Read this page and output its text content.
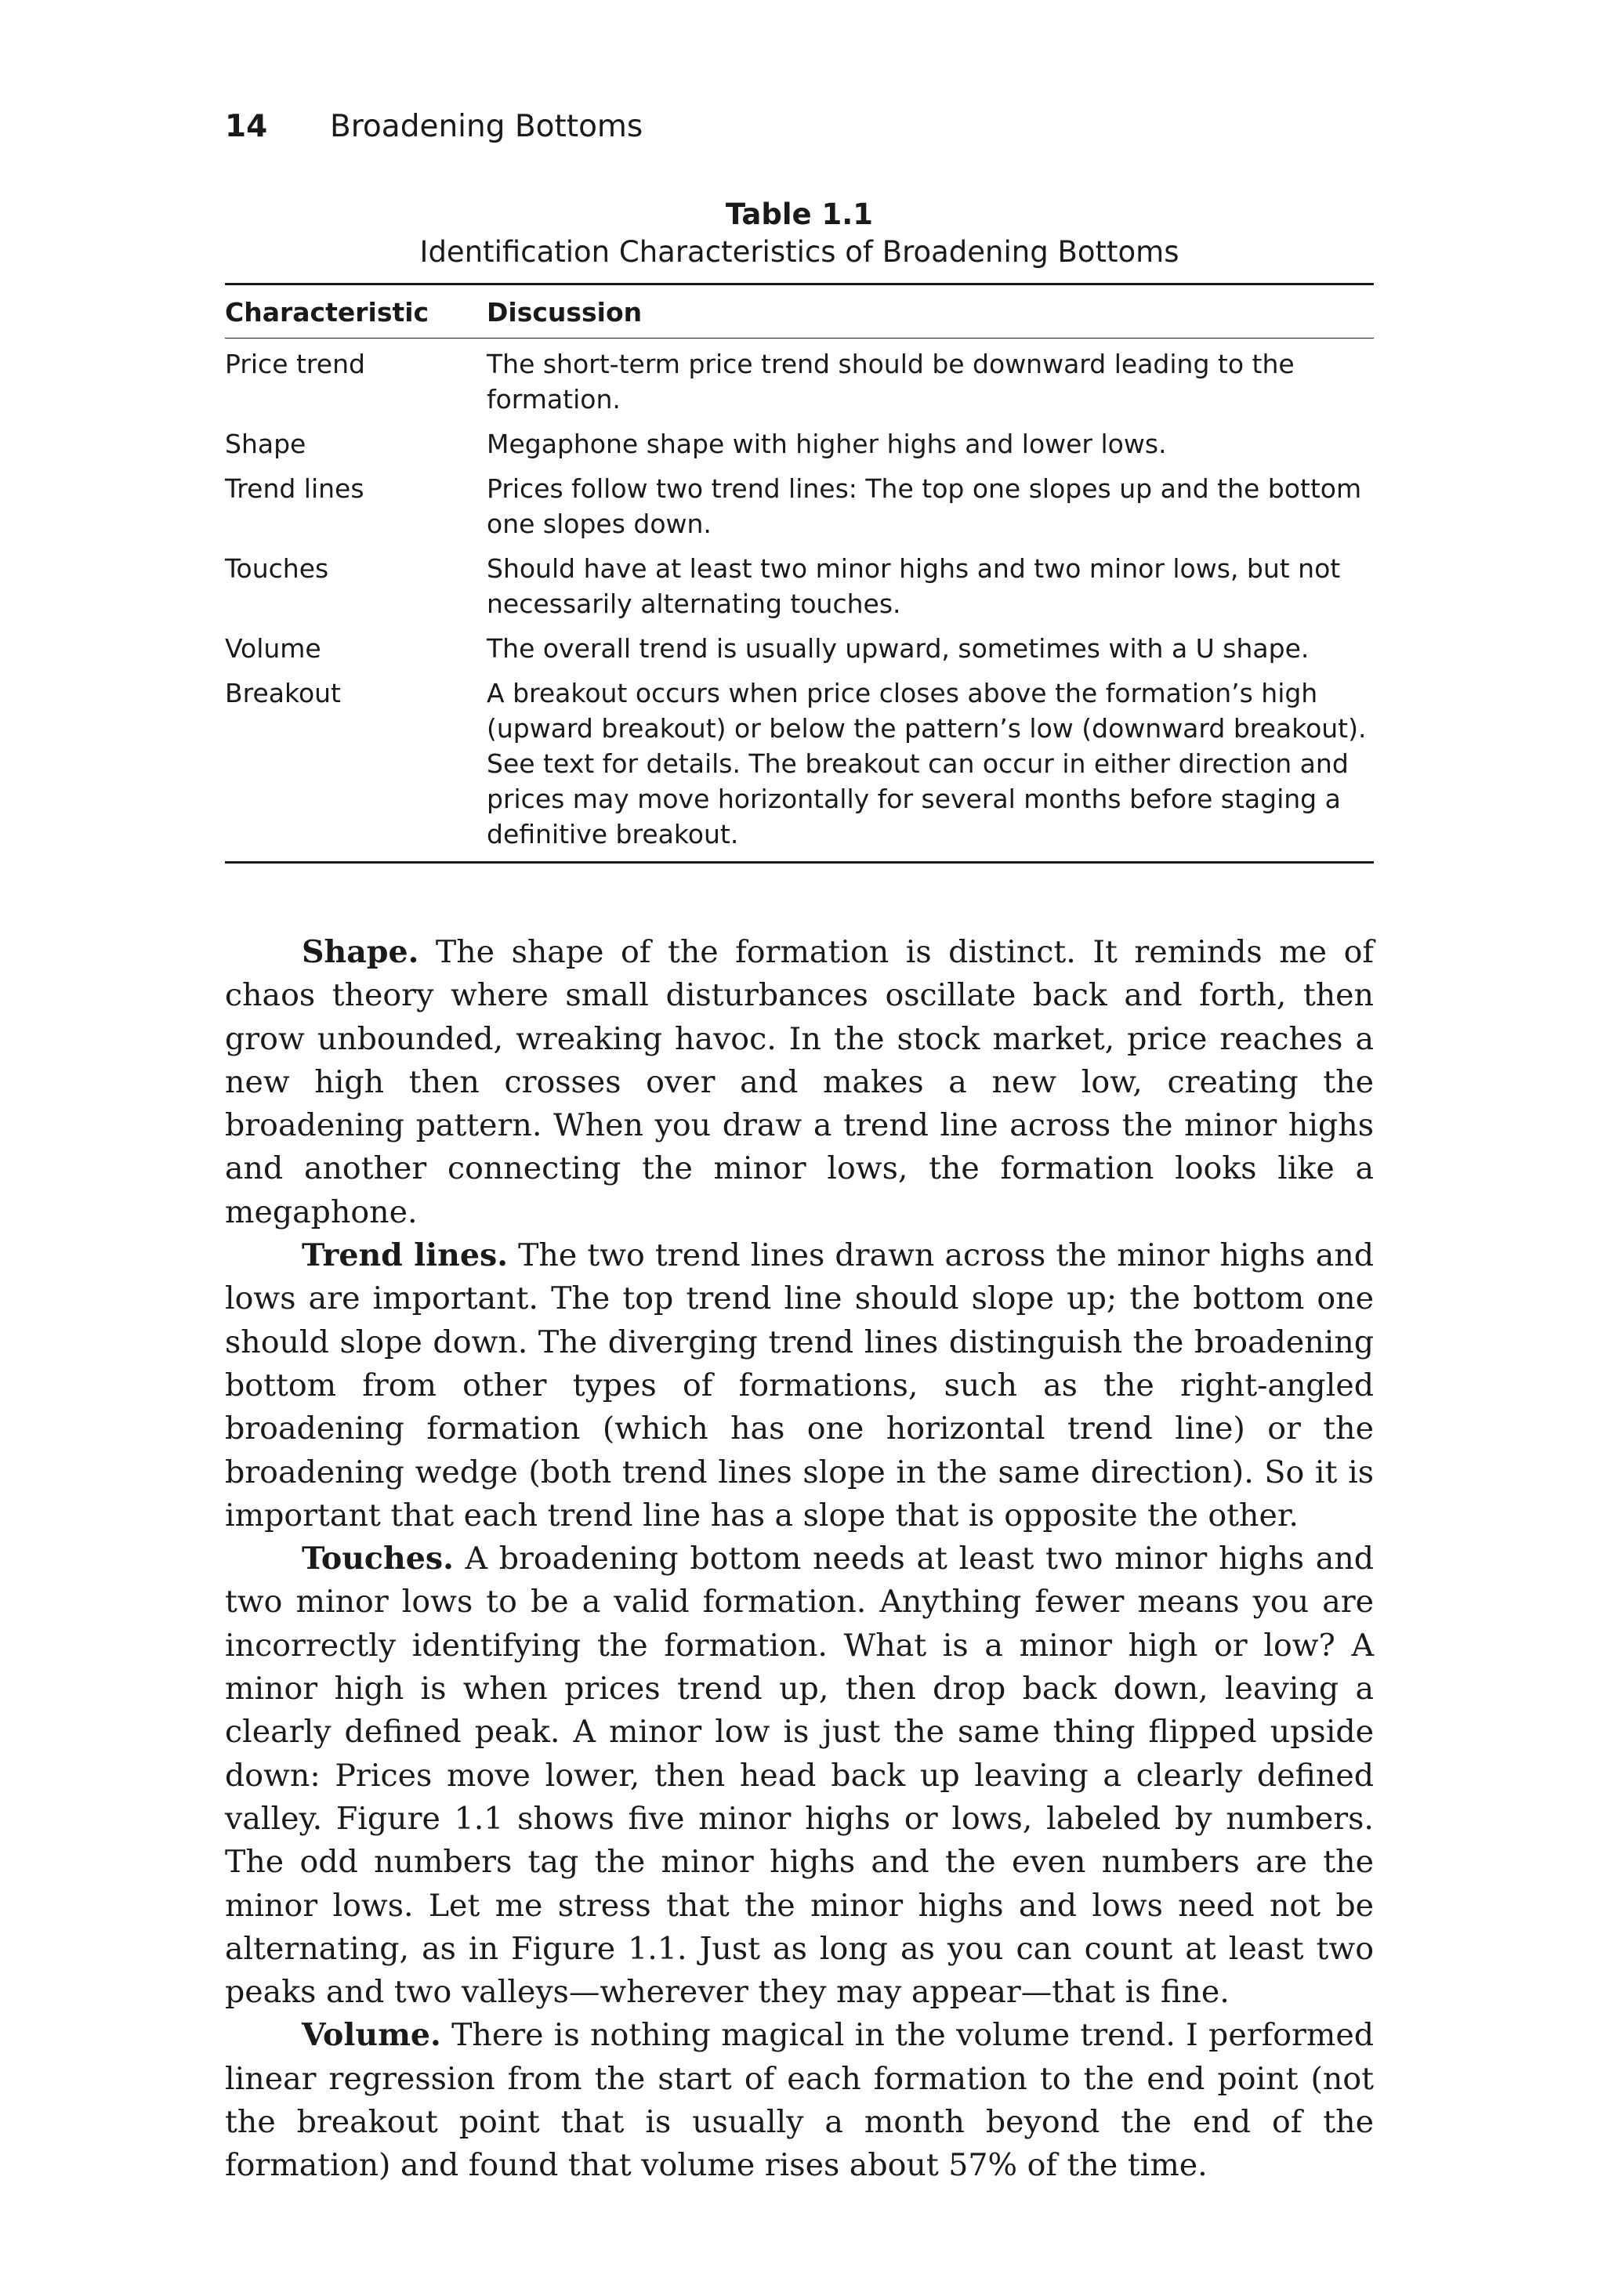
14 Broadening Bottoms
Table 1.1
Identification Characteristics of Broadening Bottoms
Characteristic	Discussion

Price trend	The short-term price trend should be downward leading to the formation.
Shape	Megaphone shape with higher highs and lower lows.
Trend lines	Prices follow two trend lines: The top one slopes up and the bottom one slopes down.
Touches	Should have at least two minor highs and two minor lows, but not necessarily alternating touches.
Volume	The overall trend is usually upward, sometimes with a U shape.
Breakout	A breakout occurs when price closes above the formation’s high (upward breakout) or below the pattern’s low (downward breakout). See text for details. The breakout can occur in either direction and prices may move horizontally for several months before staging a definitive breakout.

Shape. The shape of the formation is distinct. It reminds me of chaos theory where small disturbances oscillate back and forth, then grow unbounded, wreaking havoc. In the stock market, price reaches a new high then crosses over and makes a new low, creating the broadening pattern. When you draw a trend line across the minor highs and another connecting the minor lows, the formation looks like a megaphone.

Trend lines. The two trend lines drawn across the minor highs and lows are important. The top trend line should slope up; the bottom one should slope down. The diverging trend lines distinguish the broadening bottom from other types of formations, such as the right-angled broadening formation (which has one horizontal trend line) or the broadening wedge (both trend lines slope in the same direction). So it is important that each trend line has a slope that is opposite the other.

Touches. A broadening bottom needs at least two minor highs and two minor lows to be a valid formation. Anything fewer means you are incorrectly identifying the formation. What is a minor high or low? A minor high is when prices trend up, then drop back down, leaving a clearly defined peak. A minor low is just the same thing flipped upside down: Prices move lower, then head back up leaving a clearly defined valley. Figure 1.1 shows five minor highs or lows, labeled by numbers. The odd numbers tag the minor highs and the even numbers are the minor lows. Let me stress that the minor highs and lows need not be alternating, as in Figure 1.1. Just as long as you can count at least two peaks and two valleys—wherever they may appear—that is fine.

Volume. There is nothing magical in the volume trend. I performed linear regression from the start of each formation to the end point (not the breakout point that is usually a month beyond the end of the formation) and found that volume rises about 57% of the time.
